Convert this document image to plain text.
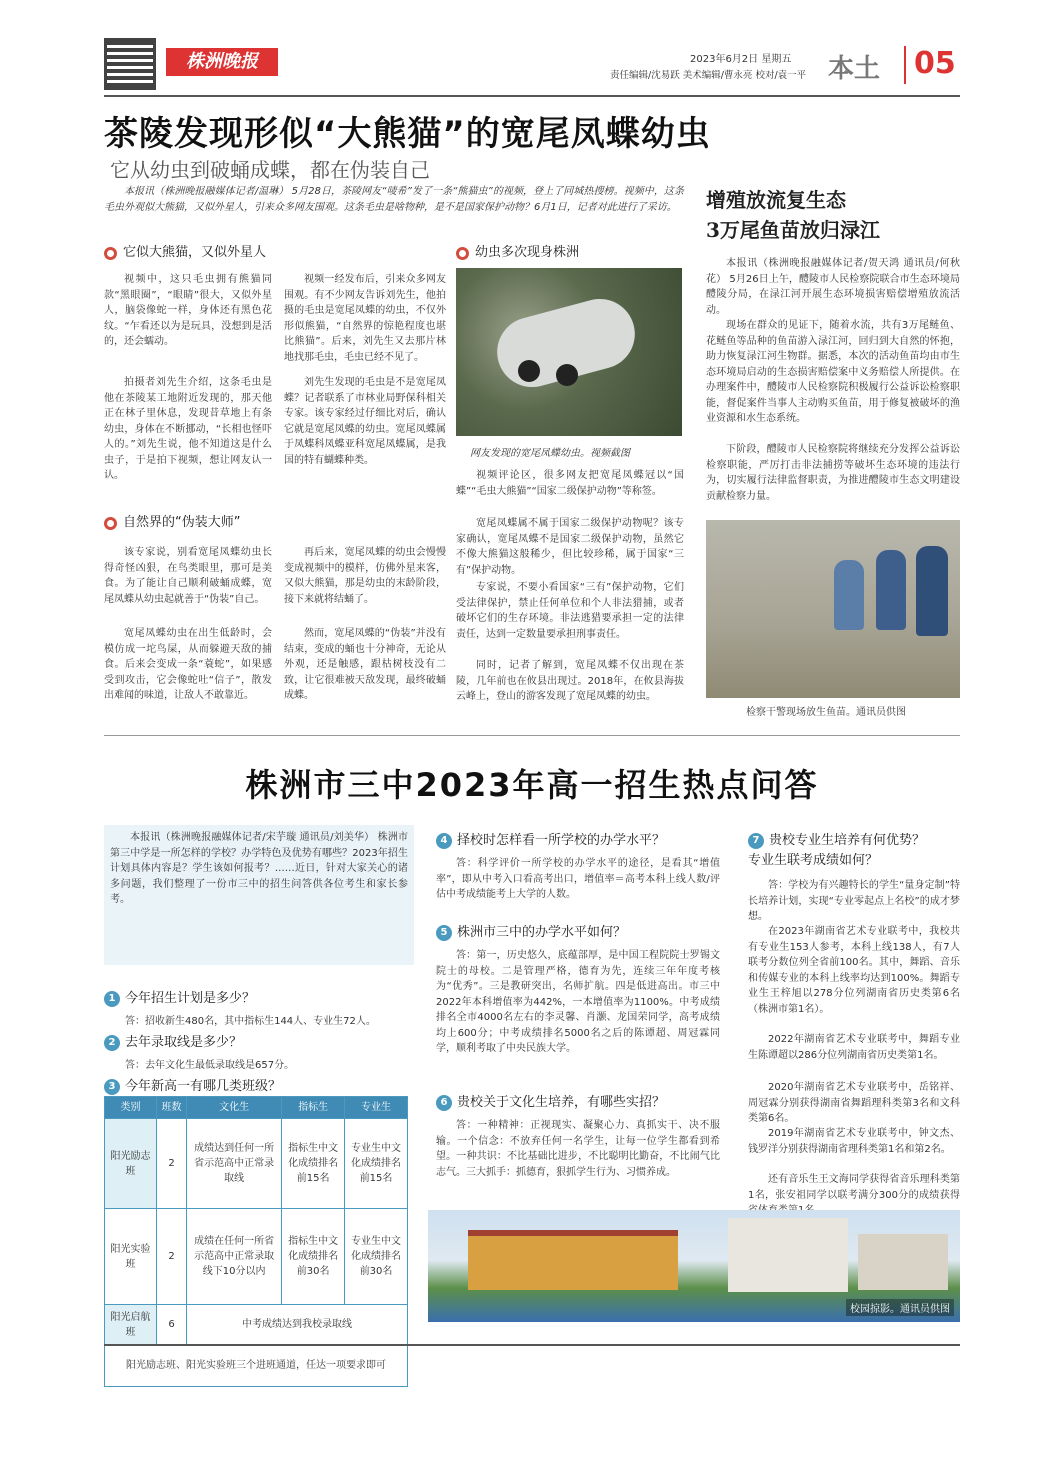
株洲晚报	2023年6月2日 星期五
责任编辑/沈易跃 美术编辑/曹永亮 校对/袁一平 本土 05
茶陵发现形似“大熊猫”的宽尾凤蝶幼虫
它从幼虫到破蛹成蝶，都在伪装自己

本报讯（株洲晚报融媒体记者/温琳） 5月28日，茶陵网友“唛希”发了一条“熊猫虫”的视频，登上了同城热搜榜。视频中，这条毛虫外观似大熊猫，又似外星人，引来众多网友围观。这条毛虫是啥物种，是不是国家保护动物？6月1日，记者对此进行了采访。

它似大熊猫，又似外星人

视频中，这只毛虫拥有熊猫同款“黑眼圈”，“眼睛”很大，又似外星人，脑袋像蛇一样，身体还有黑色花纹。“乍看还以为是玩具，没想到是活的，还会蠕动。

拍摄者刘先生介绍，这条毛虫是他在茶陵某工地附近发现的，那天他正在林子里休息，发现昔草地上有条幼虫，身体在不断挪动，“长相也怪吓人的。”刘先生说，他不知道这是什么虫子，于是拍下视频，想让网友认一认。

视频一经发布后，引来众多网友围观。有不少网友告诉刘先生，他拍摄的毛虫是宽尾凤蝶的幼虫，不仅外形似熊猫，“自然界的惊艳程度也堪比熊猫”。后来，刘先生又去那片林地找那毛虫，毛虫已经不见了。

刘先生发现的毛虫是不是宽尾凤蝶？记者联系了市林业局野保科相关专家。该专家经过仔细比对后，确认它就是宽尾凤蝶的幼虫。宽尾凤蝶属于凤蝶科凤蝶亚科宽尾凤蝶属，是我国的特有蝴蝶种类。

自然界的“伪装大师”

该专家说，别看宽尾凤蝶幼虫长得奇怪凶狠，在鸟类眼里，那可是美食。为了能让自己顺利破蛹成蝶，宽尾凤蝶从幼虫起就善于“伪装”自己。

宽尾凤蝶幼虫在出生低龄时，会模仿成一坨鸟屎，从而躲避天敌的捕食。后来会变成一条“蓑蛇”，如果感受到攻击，它会像蛇吐“信子”，散发出难闻的味道，让敌人不敢靠近。

再后来，宽尾凤蝶的幼虫会慢慢变成视频中的模样，仿佛外星来客，又似大熊猫，那是幼虫的末龄阶段，接下来就将结蛹了。

然而，宽尾凤蝶的“伪装”并没有结束，变成的蛹也十分神奇，无论从外观，还是触感，跟枯树枝没有二致，让它很难被天敌发现，最终破蛹成蝶。

幼虫多次现身株洲
网友发现的宽尾凤蝶幼虫。视频截图

视频评论区，很多网友把宽尾凤蝶冠以“国蝶”“毛虫大熊猫”“国家二级保护动物”等称签。

宽尾凤蝶属不属于国家二级保护动物呢？该专家确认，宽尾凤蝶不是国家二级保护动物，虽然它不像大熊猫这般稀少，但比较珍稀，属于国家“三有”保护动物。

专家说，不要小看国家“三有”保护动物，它们受法律保护，禁止任何单位和个人非法猎捕，或者破坏它们的生存环境。非法逃猎要承担一定的法律责任，达到一定数量要承担刑事责任。

同时，记者了解到，宽尾凤蝶不仅出现在茶陵，几年前也在攸县出现过。2018年，在攸县海拔云峰上，登山的游客发现了宽尾凤蝶的幼虫。

增殖放流复生态
3万尾鱼苗放归渌江

本报讯（株洲晚报融媒体记者/贺天鸿 通讯员/何秋花） 5月26日上午，醴陵市人民检察院联合市生态环境局醴陵分局，在渌江河开展生态环境损害赔偿增殖放流活动。

现场在群众的见证下，随着水流，共有3万尾鲢鱼、花鲢鱼等品种的鱼苗游入渌江河，回归到大自然的怀抱，助力恢复渌江河生物群。据悉，本次的活动鱼苗均由市生态环境局启动的生态损害赔偿案中义务赔偿人所提供。在办理案件中，醴陵市人民检察院积极履行公益诉讼检察职能，督促案件当事人主动购买鱼苗，用于修复被破坏的渔业资源和水生态系统。

下阶段，醴陵市人民检察院将继续充分发挥公益诉讼检察职能，严厉打击非法捕捞等破坏生态环境的违法行为，切实履行法律监督职责，为推进醴陵市生态文明建设贡献检察力量。

检察干警现场放生鱼苗。通讯员供图
株洲市三中2023年高一招生热点问答

本报讯（株洲晚报融媒体记者/宋芋璇 通讯员/刘美华） 株洲市第三中学是一所怎样的学校？办学特色及优势有哪些？2023年招生计划具体内容是？学生该如何报考？……近日，针对大家关心的诸多问题，我们整理了一份市三中的招生问答供各位考生和家长参考。

1 今年招生计划是多少？

答：招收新生480名，其中指标生144人、专业生72人。

2 去年录取线是多少？

答：去年文化生最低录取线是657分。

3 今年新高一有哪几类班级？
类别	班数	文化生	指标生	专业生
阳光励志班	2	成绩达到任何一所省示范高中正常录取线	指标生中文化成绩排名前15名	专业生中文化成绩排名前15名
阳光实验班	2	成绩在任何一所省示范高中正常录取线下10分以内	指标生中文化成绩排名前30名	专业生中文化成绩排名前30名
阳光启航班	6	中考成绩达到我校录取线		
阳光励志班、阳光实验班三个进班通道，任达一项要求即可				
4 择校时怎样看一所学校的办学水平？

答：科学评价一所学校的办学水平的途径，是看其“增值率”，即从中考入口看高考出口，增值率＝高考本科上线人数/评估中考成绩能考上大学的人数。

5 株洲市三中的办学水平如何？

答：第一，历史悠久，底蕴部厚，是中国工程院院士罗锡文院士的母校。二是管理严格，德育为先，连续三年年度考核为“优秀”。三是教研突出，名师扩航。四是低进高出。市三中2022年本科增值率为442%，一本增值率为1100%。中考成绩排名全市4000名左右的李灵馨、肖灏、龙国荣同学，高考成绩均上600分；中考成绩排名5000名之后的陈谭超、周冠霖同学，顺利考取了中央民族大学。

6 贵校关于文化生培养，有哪些实招？

答：一种精神：正视现实、凝聚心力、真抓实干、决不服输。一个信念：不放弃任何一名学生，让每一位学生都看到希望。一种共识：不比基础比进步，不比聪明比勤奋，不比闹气比志气。三大抓手：抓德育，狠抓学生行为、习惯养成。

7 贵校专业生培养有何优势？
专业生联考成绩如何？

答：学校为有兴趣特长的学生“量身定制”特长培养计划，实现“专业零起点上名校”的成才梦想。

在2023年湖南省艺术专业联考中，我校共有专业生153人参考，本科上线138人，有7人联考分数位列全省前100名。其中，舞蹈、音乐和传媒专业的本科上线率均达到100%。舞蹈专业生王梓旭以278分位列湖南省历史类第6名（株洲市第1名）。

2022年湖南省艺术专业联考中，舞蹈专业生陈谭超以286分位列湖南省历史类第1名。

2020年湖南省艺术专业联考中，岳铭祥、周冠霖分别获得湖南省舞蹈理科类第3名和文科类第6名。

2019年湖南省艺术专业联考中，钟文杰、钱罗洋分别获得湖南省理科类第1名和第2名。

还有音乐生王文海同学获得省音乐理科类第1名，张安祖同学以联考满分300分的成绩获得

校园掠影。通讯员供图
